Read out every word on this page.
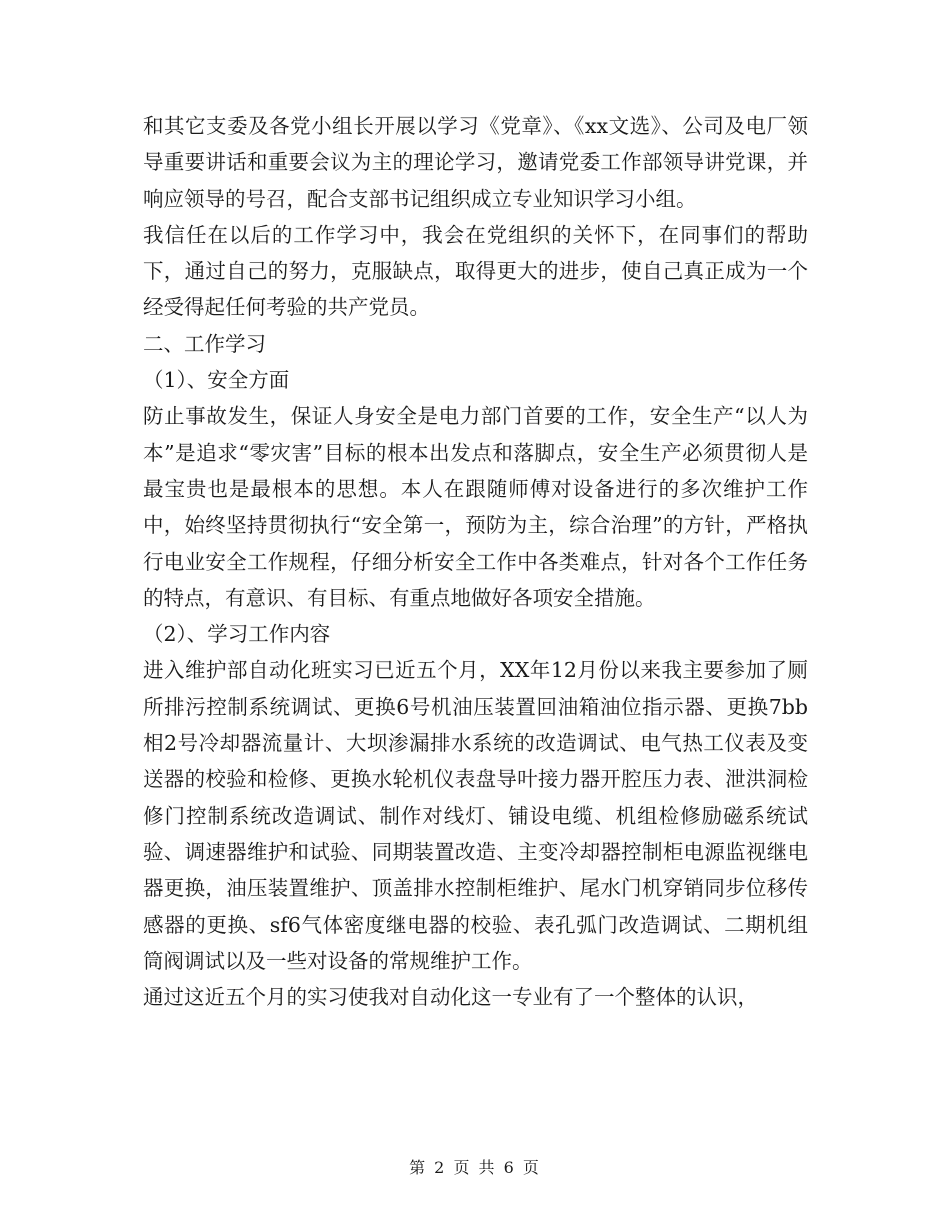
和其它支委及各党小组长开展以学习《党章》、《xx文选》、公司及电厂领导重要讲话和重要会议为主的理论学习，邀请党委工作部领导讲党课，并响应领导的号召，配合支部书记组织成立专业知识学习小组。

我信任在以后的工作学习中，我会在党组织的关怀下，在同事们的帮助下，通过自己的努力，克服缺点，取得更大的进步，使自己真正成为一个经受得起任何考验的共产党员。

二、工作学习

（1）、安全方面

防止事故发生，保证人身安全是电力部门首要的工作，安全生产“以人为本”是追求“零灾害”目标的根本出发点和落脚点，安全生产必须贯彻人是最宝贵也是最根本的思想。本人在跟随师傅对设备进行的多次维护工作中，始终坚持贯彻执行“安全第一，预防为主，综合治理”的方针，严格执行电业安全工作规程，仔细分析安全工作中各类难点，针对各个工作任务的特点，有意识、有目标、有重点地做好各项安全措施。

（2）、学习工作内容

进入维护部自动化班实习已近五个月，XX年12月份以来我主要参加了厕所排污控制系统调试、更换6号机油压装置回油箱油位指示器、更换7bb相2号冷却器流量计、大坝渗漏排水系统的改造调试、电气热工仪表及变送器的校验和检修、更换水轮机仪表盘导叶接力器开腔压力表、泄洪洞检修门控制系统改造调试、制作对线灯、铺设电缆、机组检修励磁系统试验、调速器维护和试验、同期装置改造、主变冷却器控制柜电源监视继电器更换，油压装置维护、顶盖排水控制柜维护、尾水门机穿销同步位移传感器的更换、sf6气体密度继电器的校验、表孔弧门改造调试、二期机组筒阀调试以及一些对设备的常规维护工作。

通过这近五个月的实习使我对自动化这一专业有了一个整体的认识，

第 2 页 共 6 页
